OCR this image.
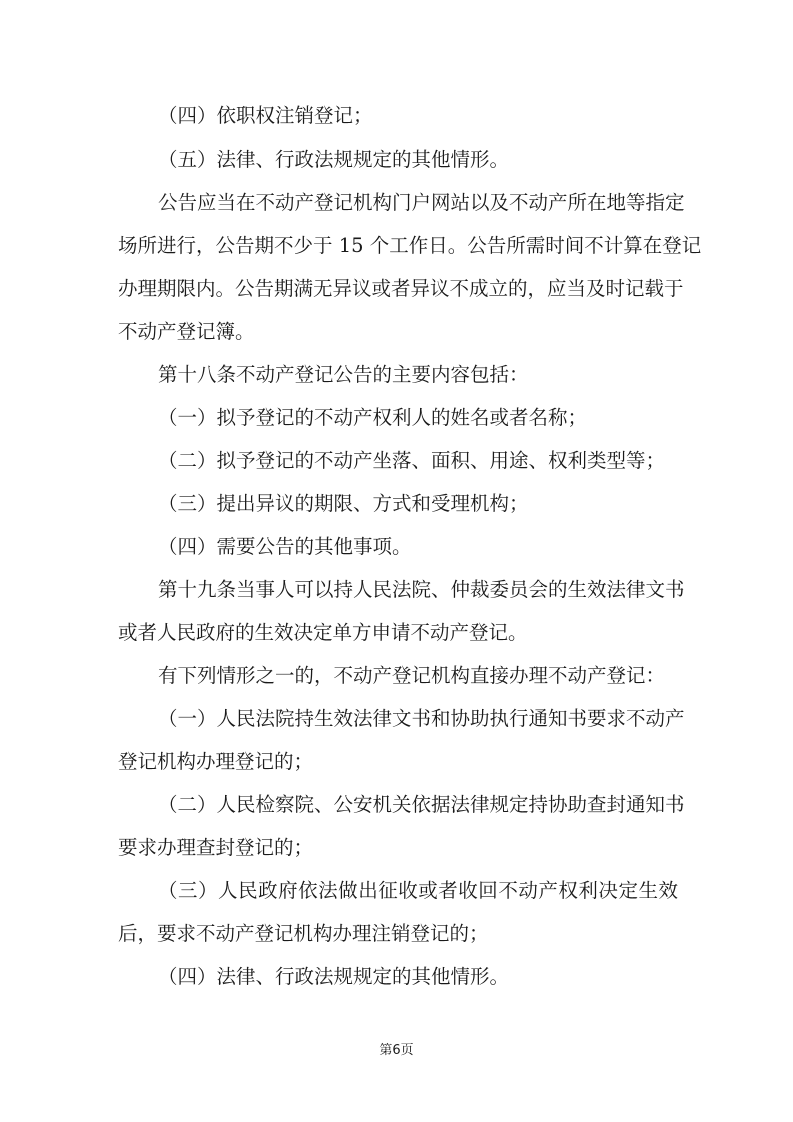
（四）依职权注销登记；
（五）法律、行政法规规定的其他情形。
公告应当在不动产登记机构门户网站以及不动产所在地等指定
场所进行，公告期不少于 15 个工作日。公告所需时间不计算在登记
办理期限内。公告期满无异议或者异议不成立的，应当及时记载于
不动产登记簿。
第十八条不动产登记公告的主要内容包括：
（一）拟予登记的不动产权利人的姓名或者名称；
（二）拟予登记的不动产坐落、面积、用途、权利类型等；
（三）提出异议的期限、方式和受理机构；
（四）需要公告的其他事项。
第十九条当事人可以持人民法院、仲裁委员会的生效法律文书
或者人民政府的生效决定单方申请不动产登记。
有下列情形之一的，不动产登记机构直接办理不动产登记：
（一）人民法院持生效法律文书和协助执行通知书要求不动产
登记机构办理登记的；
（二）人民检察院、公安机关依据法律规定持协助查封通知书
要求办理查封登记的；
（三）人民政府依法做出征收或者收回不动产权利决定生效
后，要求不动产登记机构办理注销登记的；
（四）法律、行政法规规定的其他情形。
第6页
